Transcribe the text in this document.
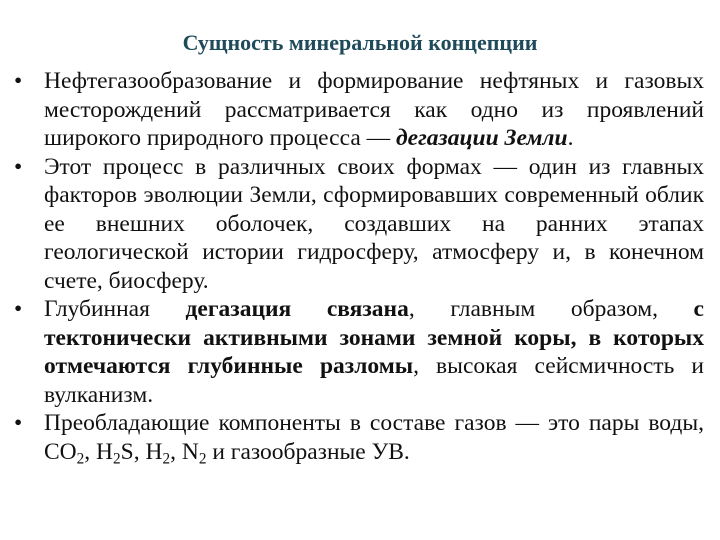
Сущность минеральной концепции
• Нефтегазообразование и формирование нефтяных и газовых месторождений рассматривается как одно из проявлений широкого природного процесса — дегазации Земли.
• Этот процесс в различных своих формах — один из главных факторов эволюции Земли, сформировавших современный облик ее внешних оболочек, создавших на ранних этапах геологической истории гидросферу, атмосферу и, в конечном счете, биосферу.
• Глубинная дегазация связана, главным образом, с тектонически активными зонами земной коры, в которых отмечаются глубинные разломы, высокая сейсмичность и вулканизм.
• Преобладающие компоненты в составе газов — это пары воды, $CO_2$, $H_2S$, $H_2$, $N_2$ и газообразные УВ.
